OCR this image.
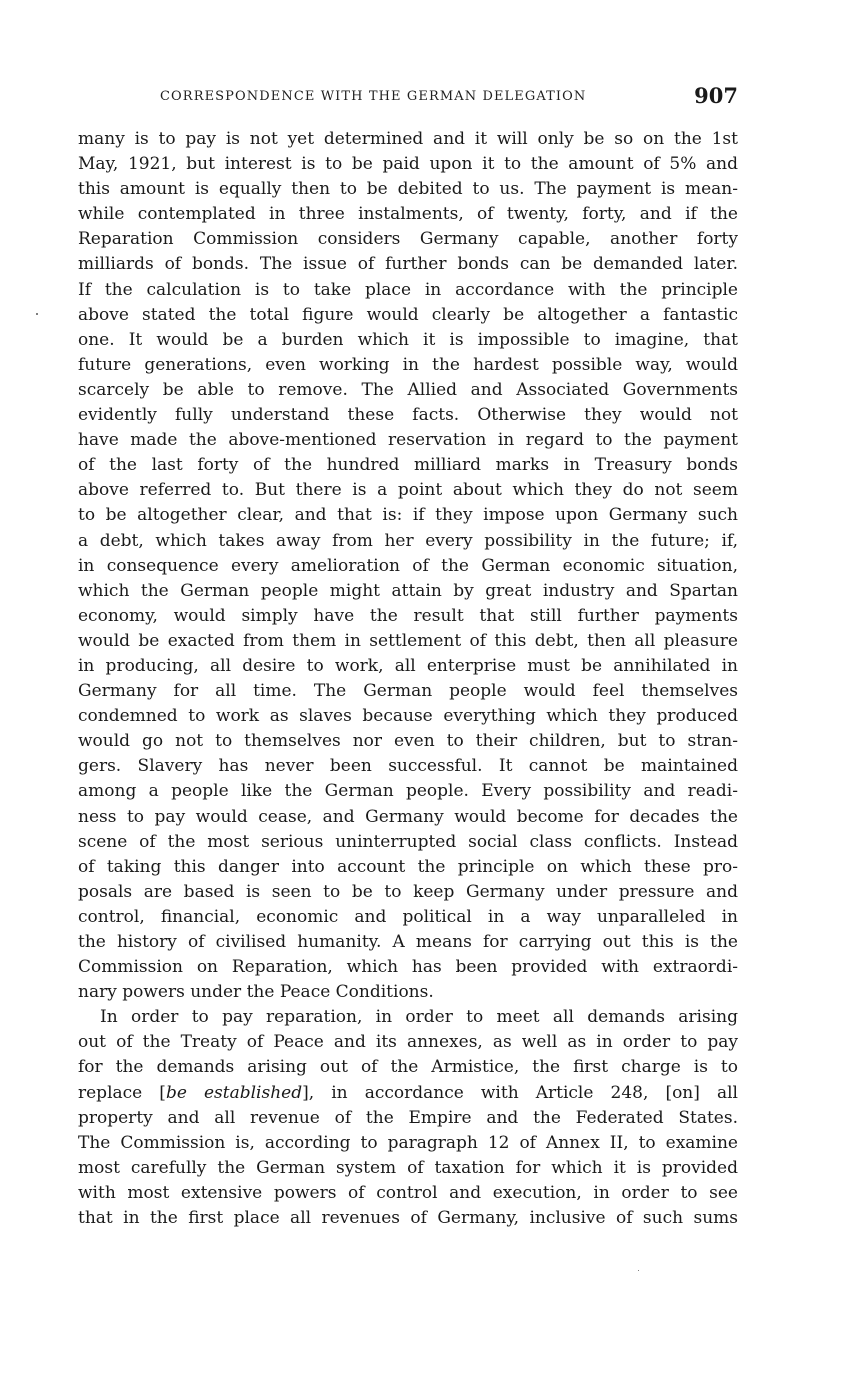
CORRESPONDENCE WITH THE GERMAN DELEGATION	907
many is to pay is not yet determined and it will only be so on the 1st
May, 1921, but interest is to be paid upon it to the amount of 5% and
this amount is equally then to be debited to us. The payment is mean-
while contemplated in three instalments, of twenty, forty, and if the
Reparation Commission considers Germany capable, another forty
milliards of bonds. The issue of further bonds can be demanded later.
If the calculation is to take place in accordance with the principle
above stated the total figure would clearly be altogether a fantastic
one. It would be a burden which it is impossible to imagine, that
future generations, even working in the hardest possible way, would
scarcely be able to remove. The Allied and Associated Governments
evidently fully understand these facts. Otherwise they would not
have made the above-mentioned reservation in regard to the payment
of the last forty of the hundred milliard marks in Treasury bonds
above referred to. But there is a point about which they do not seem
to be altogether clear, and that is: if they impose upon Germany such
a debt, which takes away from her every possibility in the future; if,
in consequence every amelioration of the German economic situation,
which the German people might attain by great industry and Spartan
economy, would simply have the result that still further payments
would be exacted from them in settlement of this debt, then all pleasure
in producing, all desire to work, all enterprise must be annihilated in
Germany for all time. The German people would feel themselves
condemned to work as slaves because everything which they produced
would go not to themselves nor even to their children, but to stran-
gers. Slavery has never been successful. It cannot be maintained
among a people like the German people. Every possibility and readi-
ness to pay would cease, and Germany would become for decades the
scene of the most serious uninterrupted social class conflicts. Instead
of taking this danger into account the principle on which these pro-
posals are based is seen to be to keep Germany under pressure and
control, financial, economic and political in a way unparalleled in
the history of civilised humanity. A means for carrying out this is the
Commission on Reparation, which has been provided with extraordi-
nary powers under the Peace Conditions.
In order to pay reparation, in order to meet all demands arising
out of the Treaty of Peace and its annexes, as well as in order to pay
for the demands arising out of the Armistice, the first charge is to
replace [be established], in accordance with Article 248, [on] all
property and all revenue of the Empire and the Federated States.
The Commission is, according to paragraph 12 of Annex II, to examine
most carefully the German system of taxation for which it is provided
with most extensive powers of control and execution, in order to see
that in the first place all revenues of Germany, inclusive of such sums
